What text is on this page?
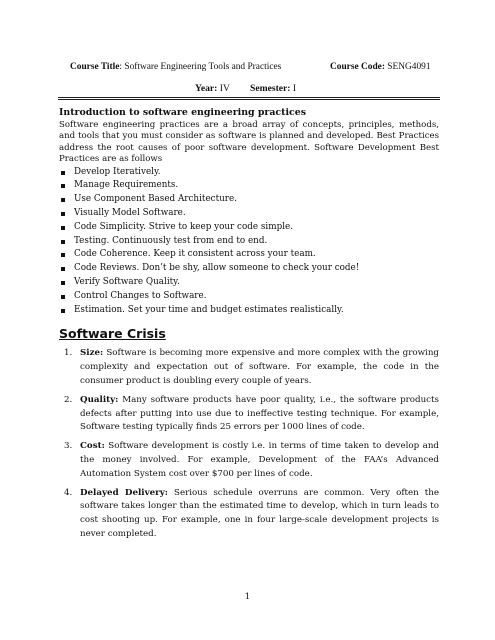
Course Title: Software Engineering Tools and Practices	Course Code: SENG4091
Year: IV Semester: I

Introduction to software engineering practices

Software engineering practices are a broad array of concepts, principles, methods, and tools that you must consider as software is planned and developed. Best Practices address the root causes of poor software development. Software Development Best Practices are as follows

Develop Iteratively.
Manage Requirements.
Use Component Based Architecture.
Visually Model Software.
Code Simplicity. Strive to keep your code simple.
Testing. Continuously test from end to end.
Code Coherence. Keep it consistent across your team.
Code Reviews. Don’t be shy, allow someone to check your code!
Verify Software Quality.
Control Changes to Software.
Estimation. Set your time and budget estimates realistically.
Software Crisis
1. Size: Software is becoming more expensive and more complex with the growing complexity and expectation out of software. For example, the code in the consumer product is doubling every couple of years.
2. Quality: Many software products have poor quality, i.e., the software products defects after putting into use due to ineffective testing technique. For example, Software testing typically finds 25 errors per 1000 lines of code.
3. Cost: Software development is costly i.e. in terms of time taken to develop and the money involved. For example, Development of the FAA’s Advanced Automation System cost over $700 per lines of code.
4. Delayed Delivery: Serious schedule overruns are common. Very often the software takes longer than the estimated time to develop, which in turn leads to cost shooting up. For example, one in four large-scale development projects is never completed.
1
